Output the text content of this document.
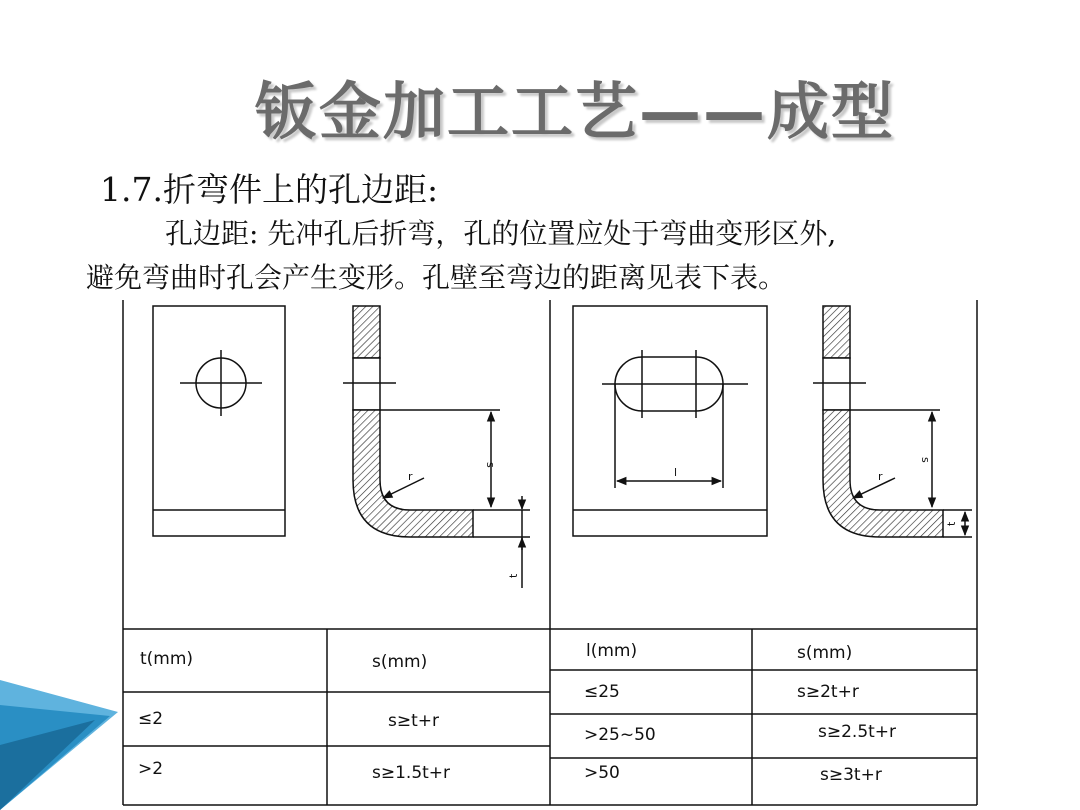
钣金加工工艺——成型
1.7.折弯件上的孔边距:
孔边距: 先冲孔后折弯，孔的位置应处于弯曲变形区外,
避免弯曲时孔会产生变形。孔壁至弯边的距离见表下表。
r
s
t
l	r
s
t
t(mm)	s(mm)
≤2	s≥t+r
>2	s≥1.5t+r
l(mm)	s(mm)
≤25	s≥2t+r
>25~50	s≥2.5t+r
>50	s≥3t+r
